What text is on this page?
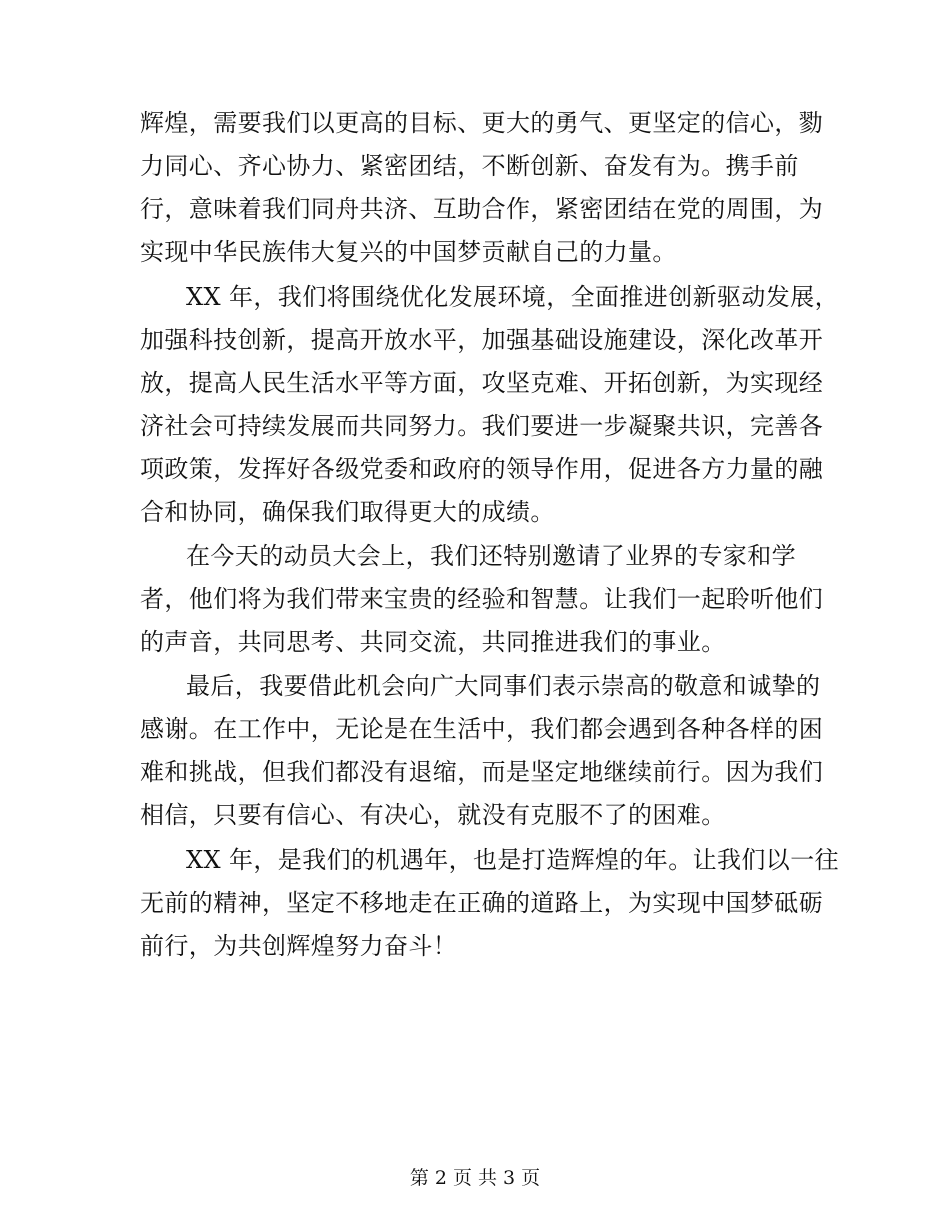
辉煌，需要我们以更高的目标、更大的勇气、更坚定的信心，勠
力同心、齐心协力、紧密团结，不断创新、奋发有为。携手前
行，意味着我们同舟共济、互助合作，紧密团结在党的周围，为
实现中华民族伟大复兴的中国梦贡献自己的力量。
XX 年，我们将围绕优化发展环境，全面推进创新驱动发展，
加强科技创新，提高开放水平，加强基础设施建设，深化改革开
放，提高人民生活水平等方面，攻坚克难、开拓创新，为实现经
济社会可持续发展而共同努力。我们要进一步凝聚共识，完善各
项政策，发挥好各级党委和政府的领导作用，促进各方力量的融
合和协同，确保我们取得更大的成绩。
在今天的动员大会上，我们还特别邀请了业界的专家和学
者，他们将为我们带来宝贵的经验和智慧。让我们一起聆听他们
的声音，共同思考、共同交流，共同推进我们的事业。
最后，我要借此机会向广大同事们表示崇高的敬意和诚挚的
感谢。在工作中，无论是在生活中，我们都会遇到各种各样的困
难和挑战，但我们都没有退缩，而是坚定地继续前行。因为我们
相信，只要有信心、有决心，就没有克服不了的困难。
XX 年，是我们的机遇年，也是打造辉煌的年。让我们以一往
无前的精神，坚定不移地走在正确的道路上，为实现中国梦砥砺
前行，为共创辉煌努力奋斗！
第 2 页 共 3 页
